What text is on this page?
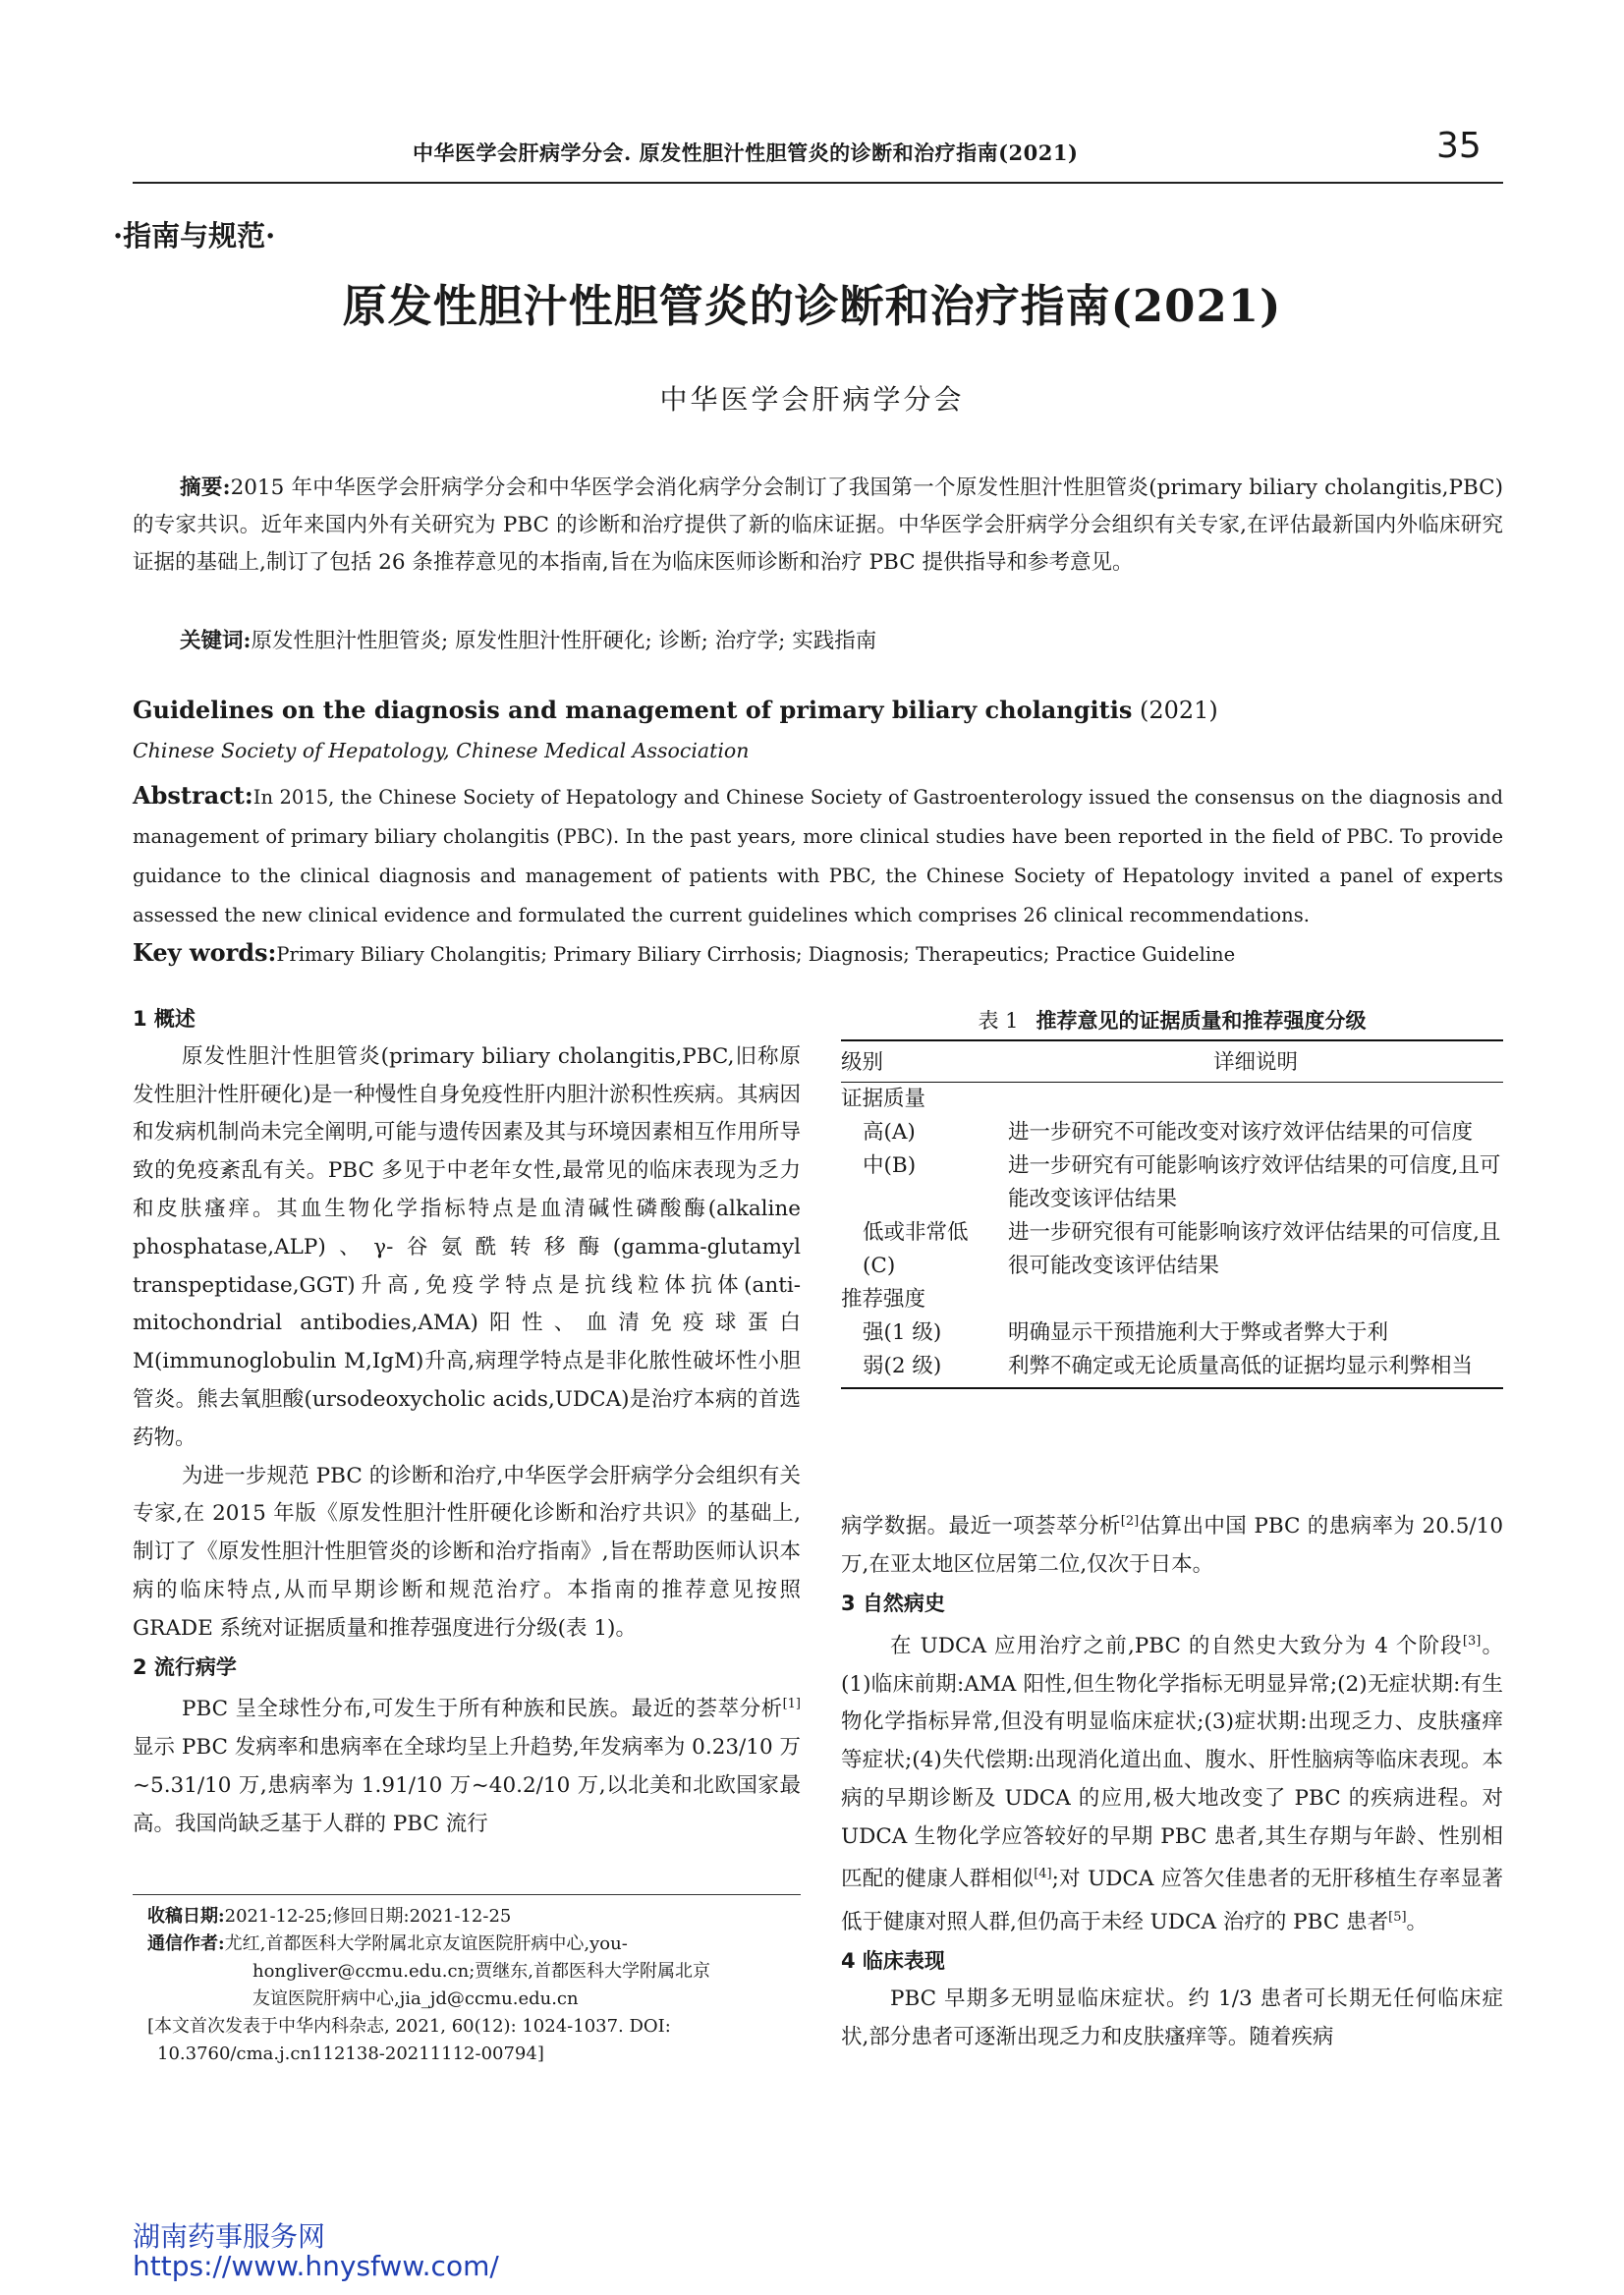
中华医学会肝病学分会. 原发性胆汁性胆管炎的诊断和治疗指南(2021)	35
·指南与规范·
原发性胆汁性胆管炎的诊断和治疗指南(2021)
中华医学会肝病学分会
摘要:2015 年中华医学会肝病学分会和中华医学会消化病学分会制订了我国第一个原发性胆汁性胆管炎(primary biliary cholangitis,PBC)的专家共识。近年来国内外有关研究为 PBC 的诊断和治疗提供了新的临床证据。中华医学会肝病学分会组织有关专家,在评估最新国内外临床研究证据的基础上,制订了包括 26 条推荐意见的本指南,旨在为临床医师诊断和治疗 PBC 提供指导和参考意见。
关键词:原发性胆汁性胆管炎; 原发性胆汁性肝硬化; 诊断; 治疗学; 实践指南
Guidelines on the diagnosis and management of primary biliary cholangitis (2021)
Chinese Society of Hepatology, Chinese Medical Association
Abstract:In 2015, the Chinese Society of Hepatology and Chinese Society of Gastroenterology issued the consensus on the diagnosis and management of primary biliary cholangitis (PBC). In the past years, more clinical studies have been reported in the field of PBC. To provide guidance to the clinical diagnosis and management of patients with PBC, the Chinese Society of Hepatology invited a panel of experts assessed the new clinical evidence and formulated the current guidelines which comprises 26 clinical recommendations.
Key words:Primary Biliary Cholangitis; Primary Biliary Cirrhosis; Diagnosis; Therapeutics; Practice Guideline

1 概述

原发性胆汁性胆管炎(primary biliary cholangitis,PBC,旧称原发性胆汁性肝硬化)是一种慢性自身免疫性肝内胆汁淤积性疾病。其病因和发病机制尚未完全阐明,可能与遗传因素及其与环境因素相互作用所导致的免疫紊乱有关。PBC 多见于中老年女性,最常见的临床表现为乏力和皮肤瘙痒。其血生物化学指标特点是血清碱性磷酸酶(alkaline phosphatase,ALP)、γ-谷氨酰转移酶(gamma-glutamyl transpeptidase,GGT)升高,免疫学特点是抗线粒体抗体(anti-mitochondrial antibodies,AMA)阳性、血清免疫球蛋白 M(immunoglobulin M,IgM)升高,病理学特点是非化脓性破坏性小胆管炎。熊去氧胆酸(ursodeoxycholic acids,UDCA)是治疗本病的首选药物。

为进一步规范 PBC 的诊断和治疗,中华医学会肝病学分会组织有关专家,在 2015 年版《原发性胆汁性肝硬化诊断和治疗共识》的基础上,制订了《原发性胆汁性胆管炎的诊断和治疗指南》,旨在帮助医师认识本病的临床特点,从而早期诊断和规范治疗。本指南的推荐意见按照 GRADE 系统对证据质量和推荐强度进行分级(表 1)。

2 流行病学

PBC 呈全球性分布,可发生于所有种族和民族。最近的荟萃分析[1]显示 PBC 发病率和患病率在全球均呈上升趋势,年发病率为 0.23/10 万~5.31/10 万,患病率为 1.91/10 万~40.2/10 万,以北美和北欧国家最高。我国尚缺乏基于人群的 PBC 流行

表 1 推荐意见的证据质量和推荐强度分级
级别	详细说明
证据质量	
高(A)	进一步研究不可能改变对该疗效评估结果的可信度
中(B)	进一步研究有可能影响该疗效评估结果的可信度,且可能改变该评估结果
低或非常低(C)	进一步研究很有可能影响该疗效评估结果的可信度,且很可能改变该评估结果
推荐强度	
强(1 级)	明确显示干预措施利大于弊或者弊大于利
弱(2 级)	利弊不确定或无论质量高低的证据均显示利弊相当

病学数据。最近一项荟萃分析[2]估算出中国 PBC 的患病率为 20.5/10 万,在亚太地区位居第二位,仅次于日本。

3 自然病史

在 UDCA 应用治疗之前,PBC 的自然史大致分为 4 个阶段[3]。(1)临床前期:AMA 阳性,但生物化学指标无明显异常;(2)无症状期:有生物化学指标异常,但没有明显临床症状;(3)症状期:出现乏力、皮肤瘙痒等症状;(4)失代偿期:出现消化道出血、腹水、肝性脑病等临床表现。本病的早期诊断及 UDCA 的应用,极大地改变了 PBC 的疾病进程。对 UDCA 生物化学应答较好的早期 PBC 患者,其生存期与年龄、性别相匹配的健康人群相似[4];对 UDCA 应答欠佳患者的无肝移植生存率显著低于健康对照人群,但仍高于未经 UDCA 治疗的 PBC 患者[5]。

4 临床表现

PBC 早期多无明显临床症状。约 1/3 患者可长期无任何临床症状,部分患者可逐渐出现乏力和皮肤瘙痒等。随着疾病

收稿日期:2021-12-25;修回日期:2021-12-25
通信作者:尤红,首都医科大学附属北京友谊医院肝病中心,you-
hongliver@ccmu.edu.cn;贾继东,首都医科大学附属北京
友谊医院肝病中心,jia_jd@ccmu.edu.cn
[本文首次发表于中华内科杂志, 2021, 60(12): 1024-1037. DOI:
10.3760/cma.j.cn112138-20211112-00794]
湖南药事服务网
https://www.hnysfww.com/
